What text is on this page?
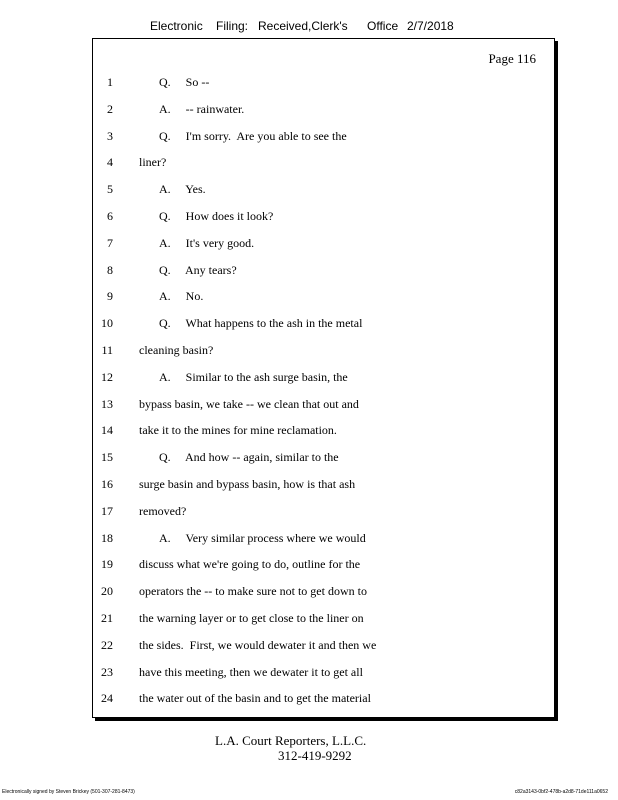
Electronic Filing: Received,Clerk's Office 2/7/2018
Page 116
1	Q.     So --
2	A.     -- rainwater.
3	Q.     I'm sorry.  Are you able to see the
4 liner?
5	A.     Yes.
6	Q.     How does it look?
7	A.     It's very good.
8	Q.     Any tears?
9	A.     No.
10	Q.     What happens to the ash in the metal
11 cleaning basin?
12	A.     Similar to the ash surge basin, the
13 bypass basin, we take -- we clean that out and
14 take it to the mines for mine reclamation.
15	Q.     And how -- again, similar to the
16 surge basin and bypass basin, how is that ash
17 removed?
18	A.     Very similar process where we would
19 discuss what we're going to do, outline for the
20 operators the -- to make sure not to get down to
21 the warning layer or to get close to the liner on
22 the sides.  First, we would dewater it and then we
23 have this meeting, then we dewater it to get all
24 the water out of the basin and to get the material
L.A. Court Reporters, L.L.C.
312-419-9292
Electronically signed by Steven Brickey (501-307-281-8473)	c82a3143-0bf2-478b-a2d8-71de111a0652
